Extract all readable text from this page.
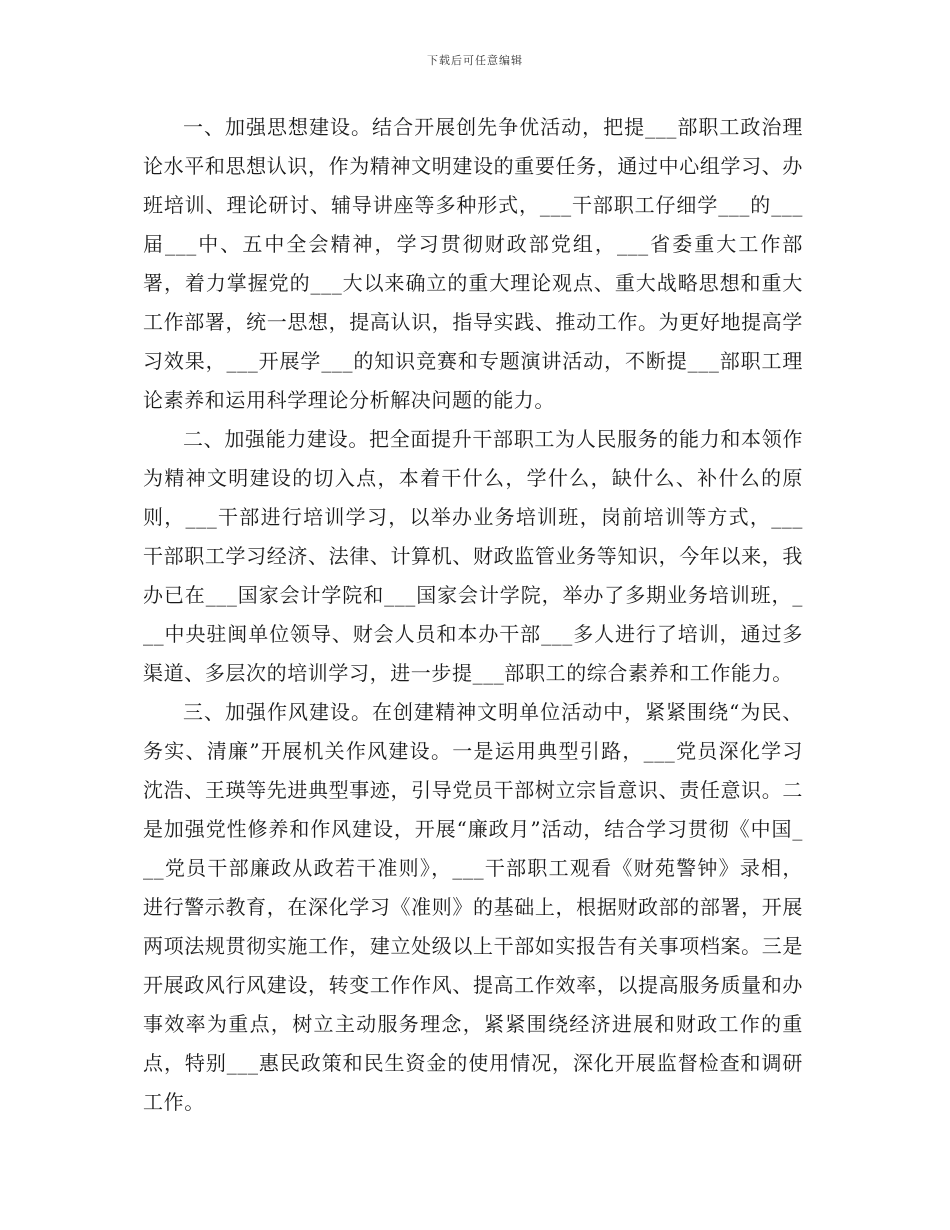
下载后可任意编辑

一、加强思想建设。结合开展创先争优活动，把提___部职工政治理论水平和思想认识，作为精神文明建设的重要任务，通过中心组学习、办班培训、理论研讨、辅导讲座等多种形式，___干部职工仔细学___的___届___中、五中全会精神，学习贯彻财政部党组，___省委重大工作部署，着力掌握党的___大以来确立的重大理论观点、重大战略思想和重大工作部署，统一思想，提高认识，指导实践、推动工作。为更好地提高学习效果，___开展学___的知识竞赛和专题演讲活动，不断提___部职工理论素养和运用科学理论分析解决问题的能力。

二、加强能力建设。把全面提升干部职工为人民服务的能力和本领作为精神文明建设的切入点，本着干什么，学什么，缺什么、补什么的原则，___干部进行培训学习，以举办业务培训班，岗前培训等方式，___干部职工学习经济、法律、计算机、财政监管业务等知识，今年以来，我办已在___国家会计学院和___国家会计学院，举办了多期业务培训班，___中央驻闽单位领导、财会人员和本办干部___多人进行了培训，通过多渠道、多层次的培训学习，进一步提___部职工的综合素养和工作能力。

三、加强作风建设。在创建精神文明单位活动中，紧紧围绕“为民、务实、清廉”开展机关作风建设。一是运用典型引路，___党员深化学习沈浩、王瑛等先进典型事迹，引导党员干部树立宗旨意识、责任意识。二是加强党性修养和作风建设，开展“廉政月”活动，结合学习贯彻《中国___党员干部廉政从政若干准则》，___干部职工观看《财苑警钟》录相，进行警示教育，在深化学习《准则》的基础上，根据财政部的部署，开展两项法规贯彻实施工作，建立处级以上干部如实报告有关事项档案。三是开展政风行风建设，转变工作作风、提高工作效率，以提高服务质量和办事效率为重点，树立主动服务理念，紧紧围绕经济进展和财政工作的重点，特别___惠民政策和民生资金的使用情况，深化开展监督检查和调研工作。
